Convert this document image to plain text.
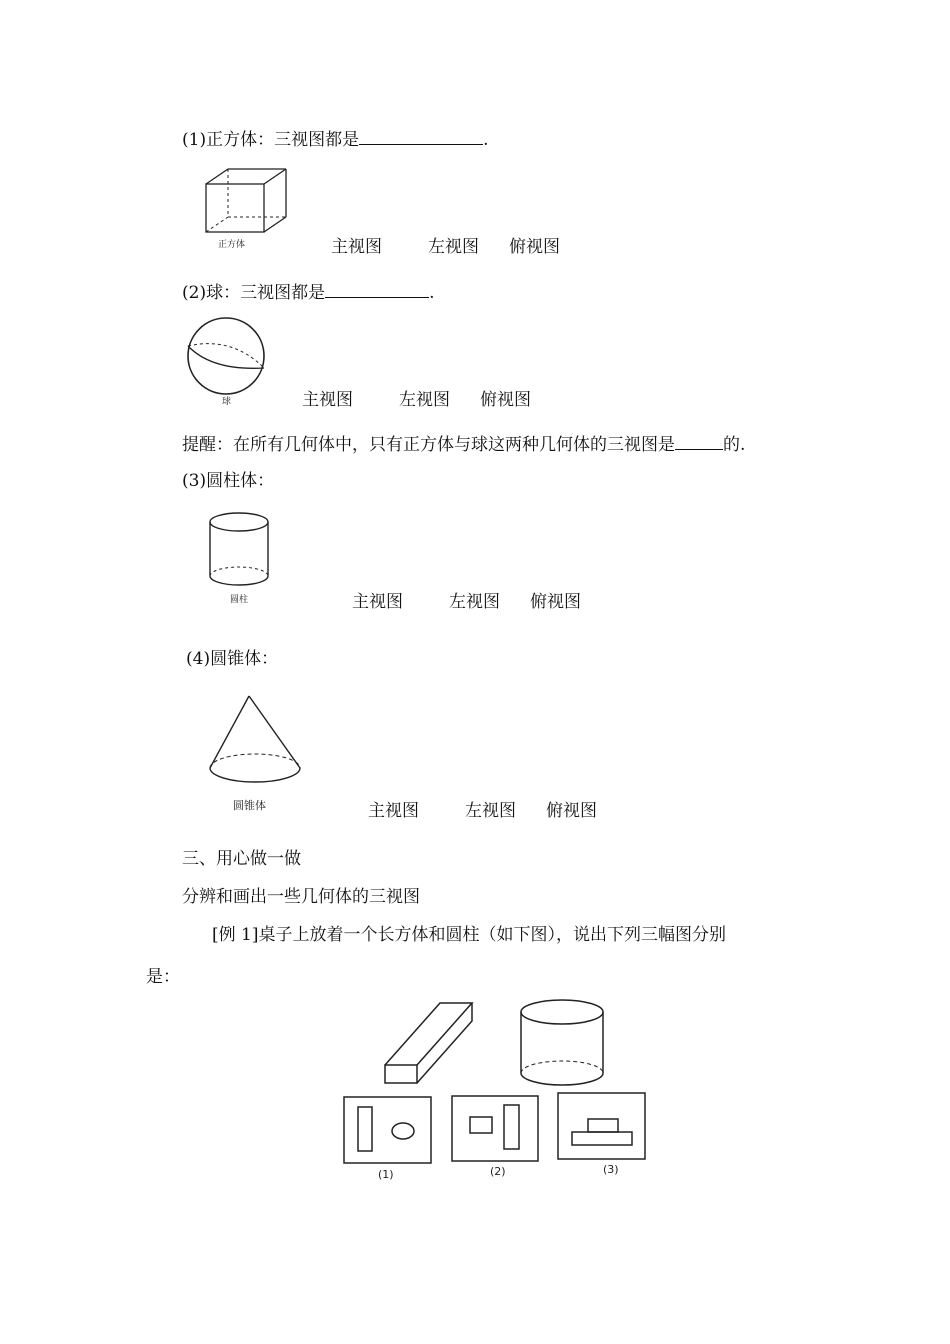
(1)正方体：三视图都是	.
正方体	主视图	左视图 俯视图
(2)球：三视图都是	.
球	主视图	左视图 俯视图
提醒：在所有几何体中，只有正方体与球这两种几何体的三视图是	的.
(3)圆柱体：
圆柱	主视图	左视图 俯视图
(4)圆锥体：
圆锥体	主视图	左视图 俯视图
三、用心做一做
分辨和画出一些几何体的三视图
[例 1]桌子上放着一个长方体和圆柱（如下图），说出下列三幅图分别
是：
(1)	(2)	(3)
